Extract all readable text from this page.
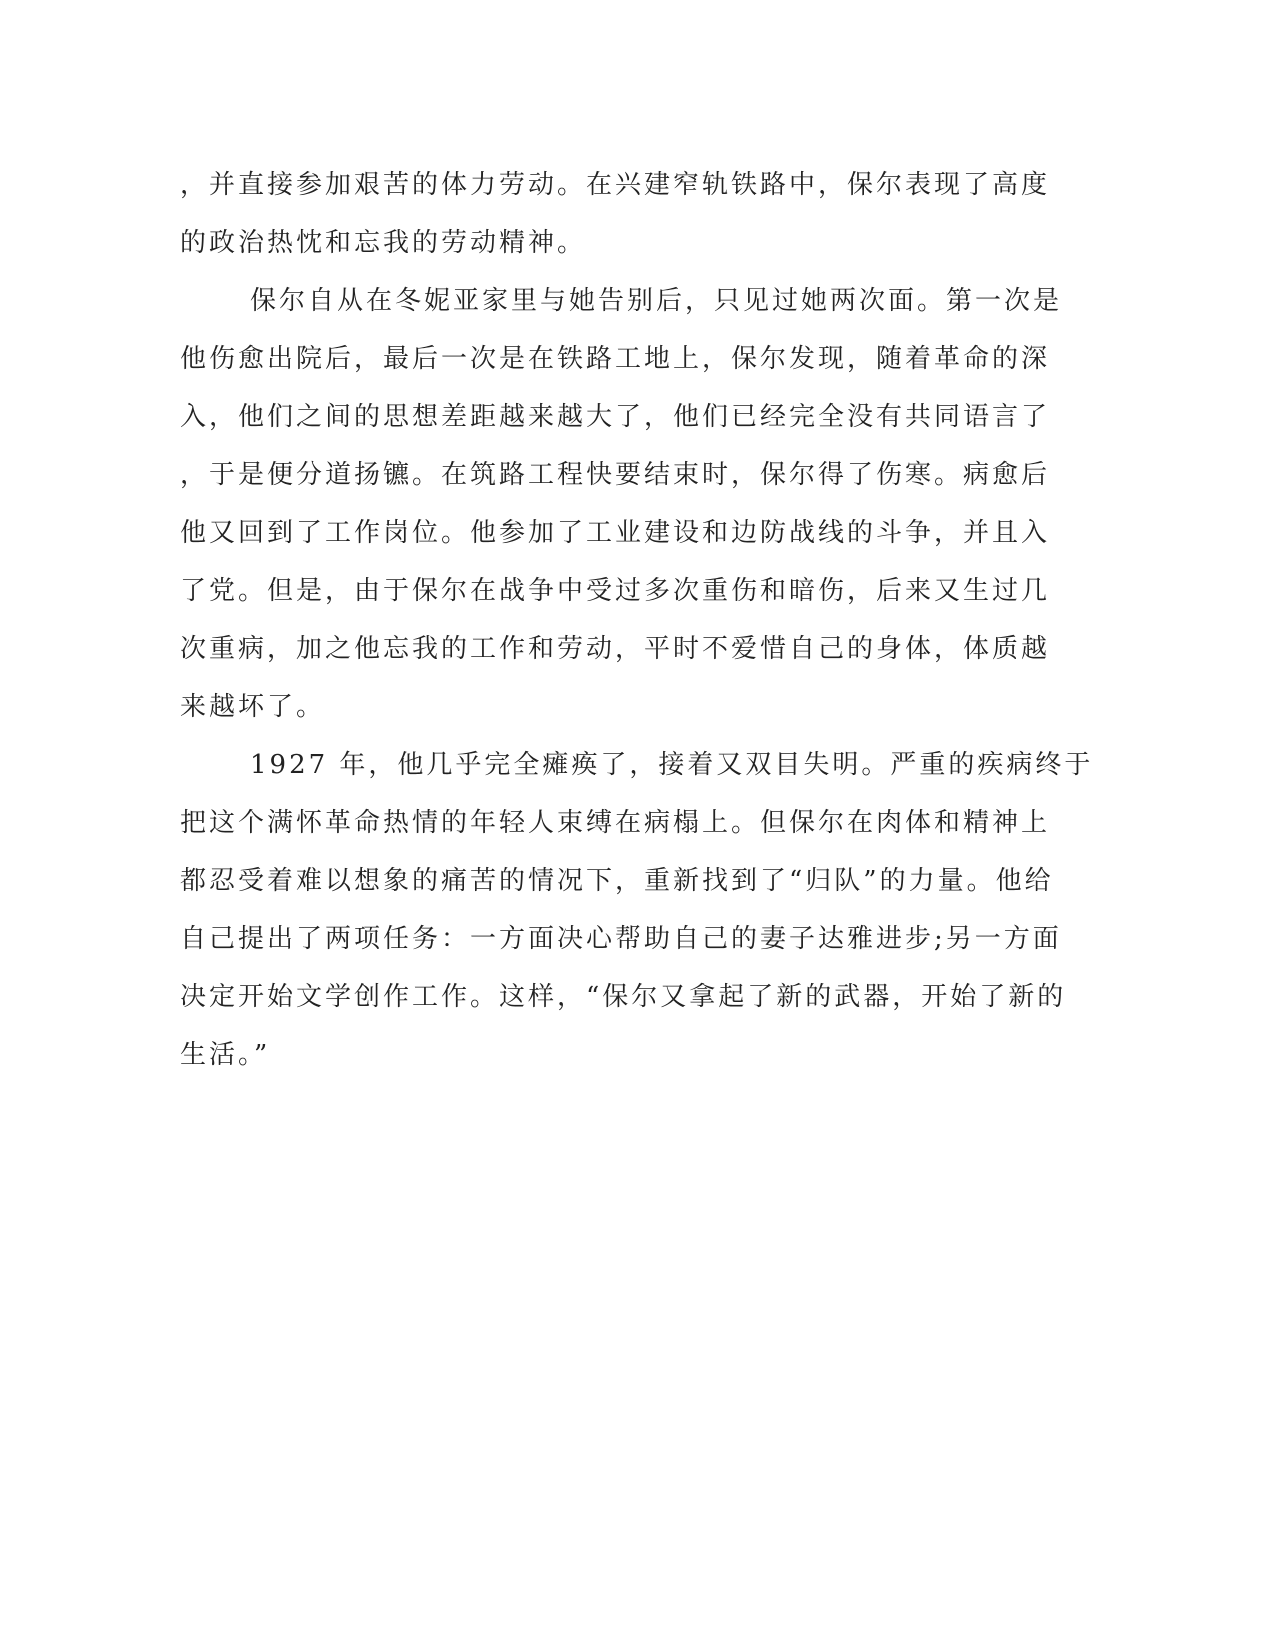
，并直接参加艰苦的体力劳动。在兴建窄轨铁路中，保尔表现了高度
的政治热忱和忘我的劳动精神。
保尔自从在冬妮亚家里与她告别后，只见过她两次面。第一次是
他伤愈出院后，最后一次是在铁路工地上，保尔发现，随着革命的深
入，他们之间的思想差距越来越大了，他们已经完全没有共同语言了
，于是便分道扬镳。在筑路工程快要结束时，保尔得了伤寒。病愈后
他又回到了工作岗位。他参加了工业建设和边防战线的斗争，并且入
了党。但是，由于保尔在战争中受过多次重伤和暗伤，后来又生过几
次重病，加之他忘我的工作和劳动，平时不爱惜自己的身体，体质越
来越坏了。
1927 年，他几乎完全瘫痪了，接着又双目失明。严重的疾病终于
把这个满怀革命热情的年轻人束缚在病榻上。但保尔在肉体和精神上
都忍受着难以想象的痛苦的情况下，重新找到了“归队”的力量。他给
自己提出了两项任务：一方面决心帮助自己的妻子达雅进步;另一方面
决定开始文学创作工作。这样，“保尔又拿起了新的武器，开始了新的
生活。”
